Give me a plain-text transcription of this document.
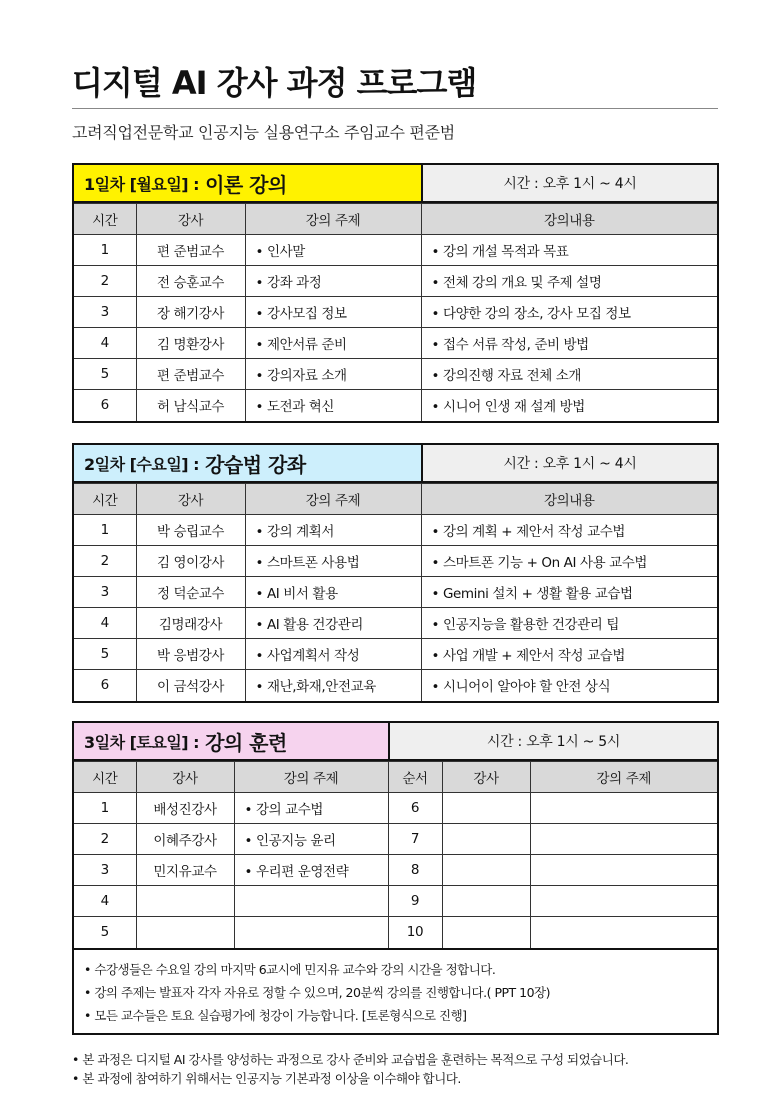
디지털 AI 강사 과정 프로그램
고려직업전문학교 인공지능 실용연구소 주임교수 편준범
1일차 [월요일] : 이론 강의	시간 : 오후 1시 ~ 4시
시간	강사	강의 주제	강의내용
1	편 준범교수	• 인사말	• 강의 개설 목적과 목표
2	전 승훈교수	• 강좌 과정	• 전체 강의 개요 및 주제 설명
3	장 해기강사	• 강사모집 정보	• 다양한 강의 장소, 강사 모집 정보
4	김 명환강사	• 제안서류 준비	• 접수 서류 작성, 준비 방법
5	편 준범교수	• 강의자료 소개	• 강의진행 자료 전체 소개
6	허 남식교수	• 도전과 혁신	• 시니어 인생 재 설계 방법
2일차 [수요일] : 강습법 강좌	시간 : 오후 1시 ~ 4시
시간	강사	강의 주제	강의내용
1	박 승립교수	• 강의 계획서	• 강의 계획 + 제안서 작성 교수법
2	김 영이강사	• 스마트폰 사용법	• 스마트폰 기능 + On AI 사용 교수법
3	정 덕순교수	• AI 비서 활용	• Gemini 설치 + 생활 활용 교습법
4	김명래강사	• AI 활용 건강관리	• 인공지능을 활용한 건강관리 팁
5	박 응범강사	• 사업계획서 작성	• 사업 개발 + 제안서 작성 교습법
6	이 금석강사	• 재난,화재,안전교육	• 시니어이 알아야 할 안전 상식
3일차 [토요일] : 강의 훈련	시간 : 오후 1시 ~ 5시
시간	강사	강의 주제	순서	강사	강의 주제
1	배성진강사	• 강의 교수법	6		
2	이혜주강사	• 인공지능 윤리	7		
3	민지유교수	• 우리편 운영전략	8		
4			9		
5			10		
• 수강생들은 수요일 강의 마지막 6교시에 민지유 교수와 강의 시간을 정합니다.
• 강의 주제는 발표자 각자 자유로 정할 수 있으며, 20분씩 강의를 진행합니다.( PPT 10장)
• 모든 교수들은 토요 실습평가에 청강이 가능합니다. [토론형식으로 진행]
• 본 과정은 디지털 AI 강사를 양성하는 과정으로 강사 준비와 교습법을 훈련하는 목적으로 구성 되었습니다.
• 본 과정에 참여하기 위해서는 인공지능 기본과정 이상을 이수해야 합니다.
